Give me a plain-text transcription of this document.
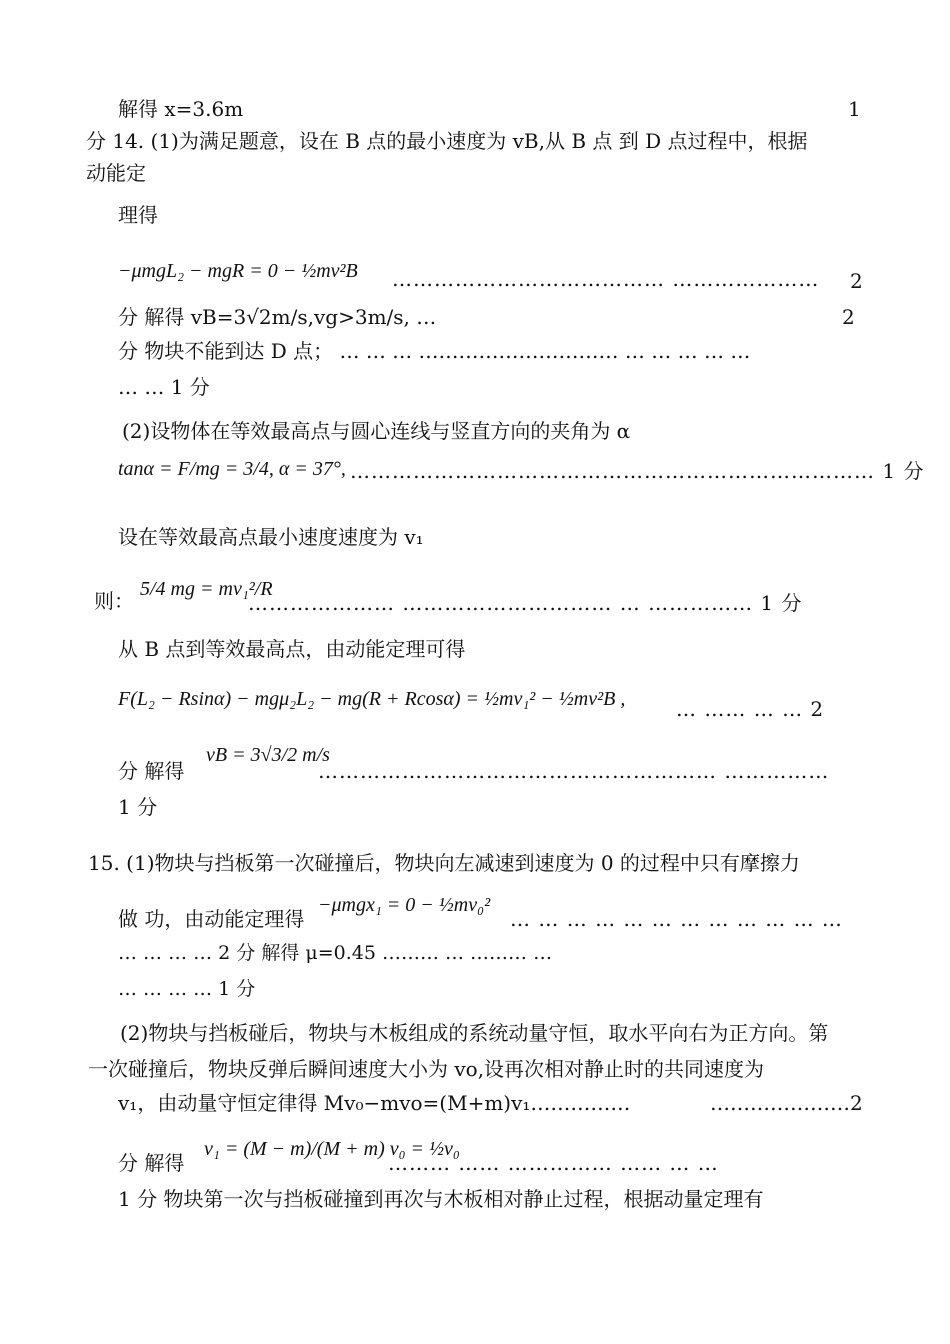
解得 x=3.6m	1
分 14. (1)为满足题意，设在 B 点的最小速度为 vB,从 B 点 到 D 点过程中，根据
动能定
理得
−μmgL₂ − mgR = 0 − ½mv²B ………………………………… ………………… 2
分 解得 vB=3√2m/s,vg>3m/s, …	2
分 物块不能到达 D 点； … … … ………………………… … … … … …
… … 1 分
(2)设物体在等效最高点与圆心连线与竖直方向的夹角为 α
tanα = F/mg = 3/4, α = 37°, ………………………………………………………………… 1 分
设在等效最高点最小速度速度为 v₁
则： 5/4 mg = mv₁²/R
………………… ………………………… … …………… 1 分
从 B 点到等效最高点，由动能定理可得
F(L₂ − Rsinα) − mgμ₂L₂ − mg(R + Rcosα) = ½mv₁² − ½mv²B ,	… …… … … 2
分 解得
vB = 3√3/2 m/s
………………………………………………… ……………
1 分
15. (1)物块与挡板第一次碰撞后，物块向左减速到速度为 0 的过程中只有摩擦力
做 功，由动能定理得
−μmgx₁ = 0 − ½mv₀²
… … … … … … … … … … … …
… … … … 2 分 解得 μ=0.45 ……… … ……… …
… … … … 1 分
(2)物块与挡板碰后，物块与木板组成的系统动量守恒，取水平向右为正方向。第
一次碰撞后，物块反弹后瞬间速度大小为 vo,设再次相对静止时的共同速度为
v₁，由动量守恒定律得 Mv₀−mvo=(M+m)v₁……………	…………………2
分 解得
v₁ = (M − m)/(M + m) v₀ = ½v₀
……… …… …………… …… … …
1 分 物块第一次与挡板碰撞到再次与木板相对静止过程，根据动量定理有
